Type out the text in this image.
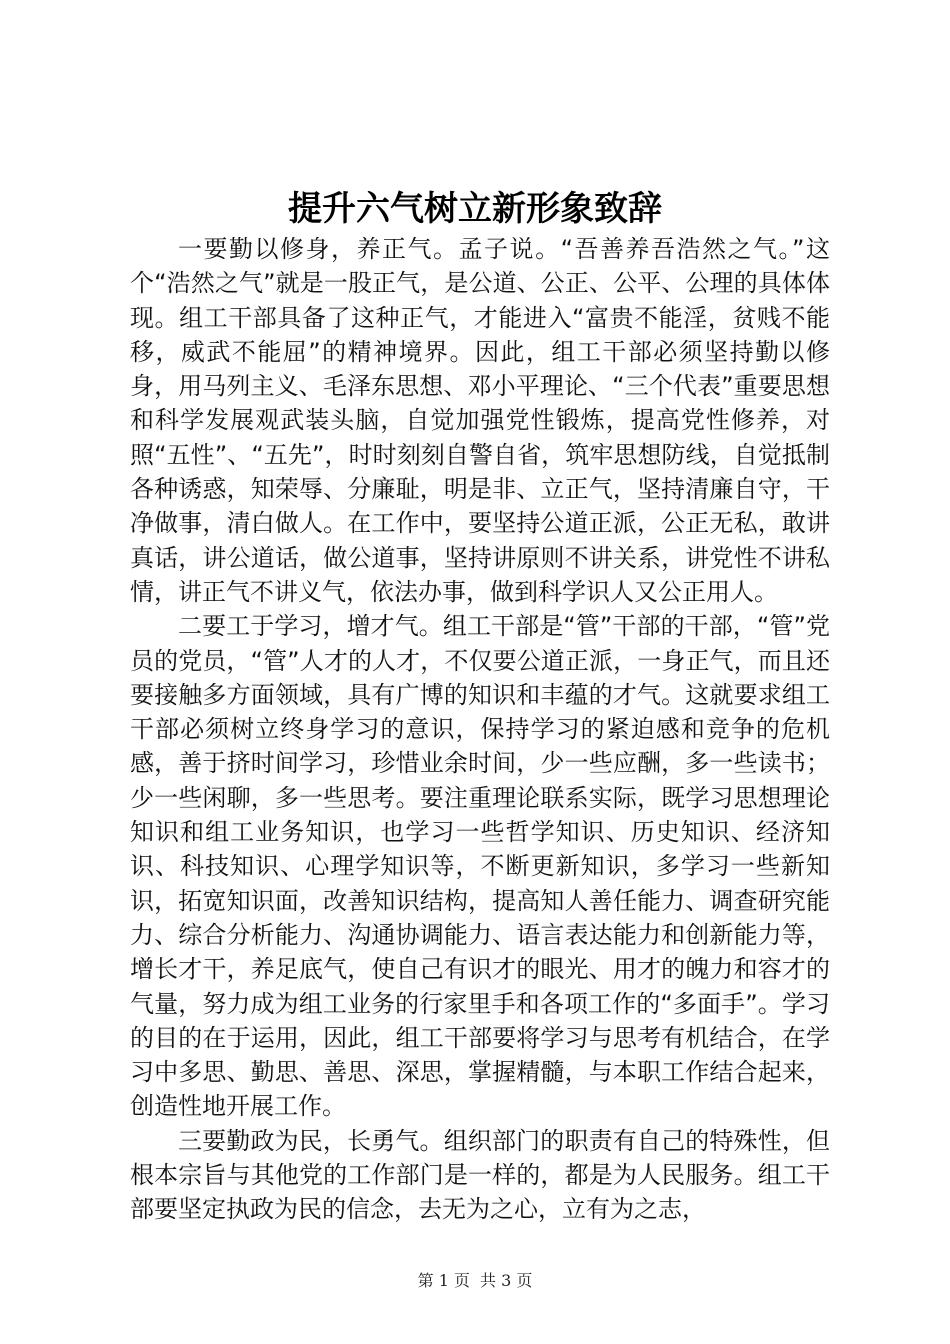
提升六气树立新形象致辞

一要勤以修身，养正气。孟子说。“吾善养吾浩然之气。”这个“浩然之气”就是一股正气，是公道、公正、公平、公理的具体体现。组工干部具备了这种正气，才能进入“富贵不能淫，贫贱不能移，威武不能屈”的精神境界。因此，组工干部必须坚持勤以修身，用马列主义、毛泽东思想、邓小平理论、“三个代表”重要思想和科学发展观武装头脑，自觉加强党性锻炼，提高党性修养，对照“五性”、“五先”，时时刻刻自警自省，筑牢思想防线，自觉抵制各种诱惑，知荣辱、分廉耻，明是非、立正气，坚持清廉自守，干净做事，清白做人。在工作中，要坚持公道正派，公正无私，敢讲真话，讲公道话，做公道事，坚持讲原则不讲关系，讲党性不讲私情，讲正气不讲义气，依法办事，做到科学识人又公正用人。

二要工于学习，增才气。组工干部是“管”干部的干部，“管”党员的党员，“管”人才的人才，不仅要公道正派，一身正气，而且还要接触多方面领域，具有广博的知识和丰蕴的才气。这就要求组工干部必须树立终身学习的意识，保持学习的紧迫感和竞争的危机感，善于挤时间学习，珍惜业余时间，少一些应酬，多一些读书；少一些闲聊，多一些思考。要注重理论联系实际，既学习思想理论知识和组工业务知识，也学习一些哲学知识、历史知识、经济知识、科技知识、心理学知识等，不断更新知识，多学习一些新知识，拓宽知识面，改善知识结构，提高知人善任能力、调查研究能力、综合分析能力、沟通协调能力、语言表达能力和创新能力等，增长才干，养足底气，使自己有识才的眼光、用才的魄力和容才的气量，努力成为组工业务的行家里手和各项工作的“多面手”。学习的目的在于运用，因此，组工干部要将学习与思考有机结合，在学习中多思、勤思、善思、深思，掌握精髓，与本职工作结合起来，创造性地开展工作。

三要勤政为民，长勇气。组织部门的职责有自己的特殊性，但根本宗旨与其他党的工作部门是一样的，都是为人民服务。组工干部要坚定执政为民的信念，去无为之心，立有为之志，

第 1 页 共 3 页
